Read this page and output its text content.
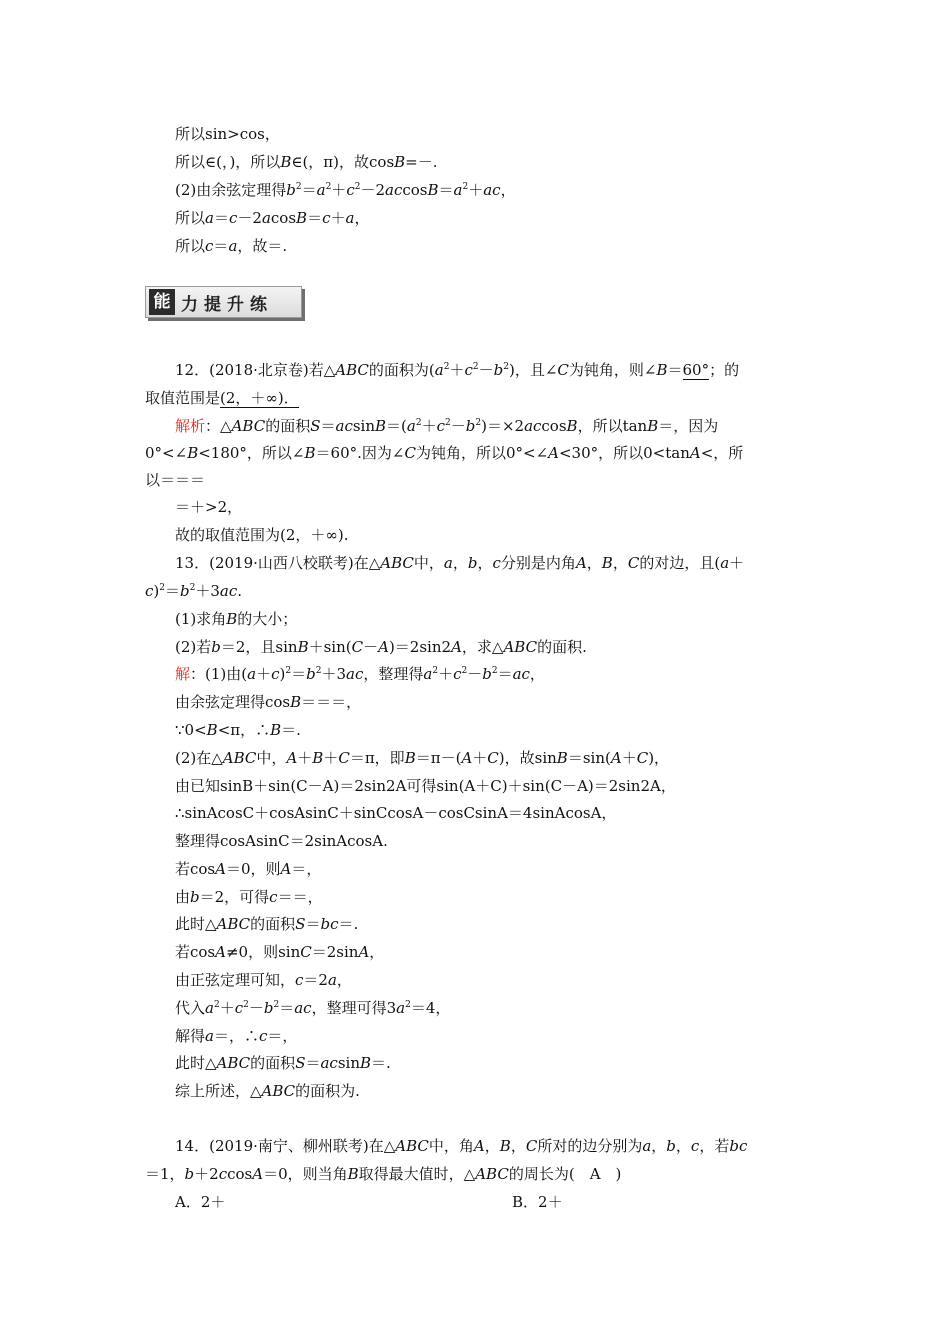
所以sin>cos，
所以∈(，)，所以B∈(，π)，故cosB=－.
(2)由余弦定理得$b^2=a^2+c^2-2accosB=a^2+ac$，
所以a＝c－2acosB＝c＋a，
所以c＝a，故＝.
能 力提升练
12．(2018·北京卷)若△ABC的面积为$(a^2+c^2-b^2)$，且∠C为钝角，则∠B＝60°；的
取值范围是(2，＋∞)．
解析：△ABC的面积$S=acsinB=(a^2+c^2-b^2)=\times 2accosB$，所以tanB＝，因为
0°<∠B<180°，所以∠B＝60°.因为∠C为钝角，所以0°<∠A<30°，所以0<tanA<，所
以＝＝＝
＝＋>2，
故的取值范围为(2，＋∞).
13．(2019·山西八校联考)在△ABC中，a，b，c分别是内角A，B，C的对边，且(a＋
$c)^2=b^2+3ac$.
(1)求角B的大小；
(2)若b＝2，且sinB＋sin(C－A)＝2sin2A，求△ABC的面积.
解：(1)由$(a+c)^2=b^2+3ac$，整理得$a^2+c^2-b^2=ac$，
由余弦定理得cosB＝＝＝，
∵0<B<π，∴B＝.
(2)在△ABC中，A＋B＋C＝π，即B＝π－(A＋C)，故sinB＝sin(A＋C)，
由已知sinB＋sin(C－A)＝2sin2A可得sin(A＋C)＋sin(C－A)＝2sin2A，
∴sinAcosC＋cosAsinC＋sinCcosA－cosCsinA＝4sinAcosA，
整理得cosAsinC＝2sinAcosA.
若cosA＝0，则A＝，
由b＝2，可得c＝＝，
此时△ABC的面积S＝bc＝.
若cosA≠0，则sinC＝2sinA，
由正弦定理可知，c＝2a，
代入$a^2+c^2-b^2=ac$，整理可得$3a^2=4$，
解得a＝，∴c＝，
此时△ABC的面积S＝acsinB＝.
综上所述，△ABC的面积为.
14．(2019·南宁、柳州联考)在△ABC中，角A，B，C所对的边分别为a，b，c，若bc
＝1，b＋2ccosA＝0，则当角B取得最大值时，△ABC的周长为(　A　)
A．2＋	B．2＋
